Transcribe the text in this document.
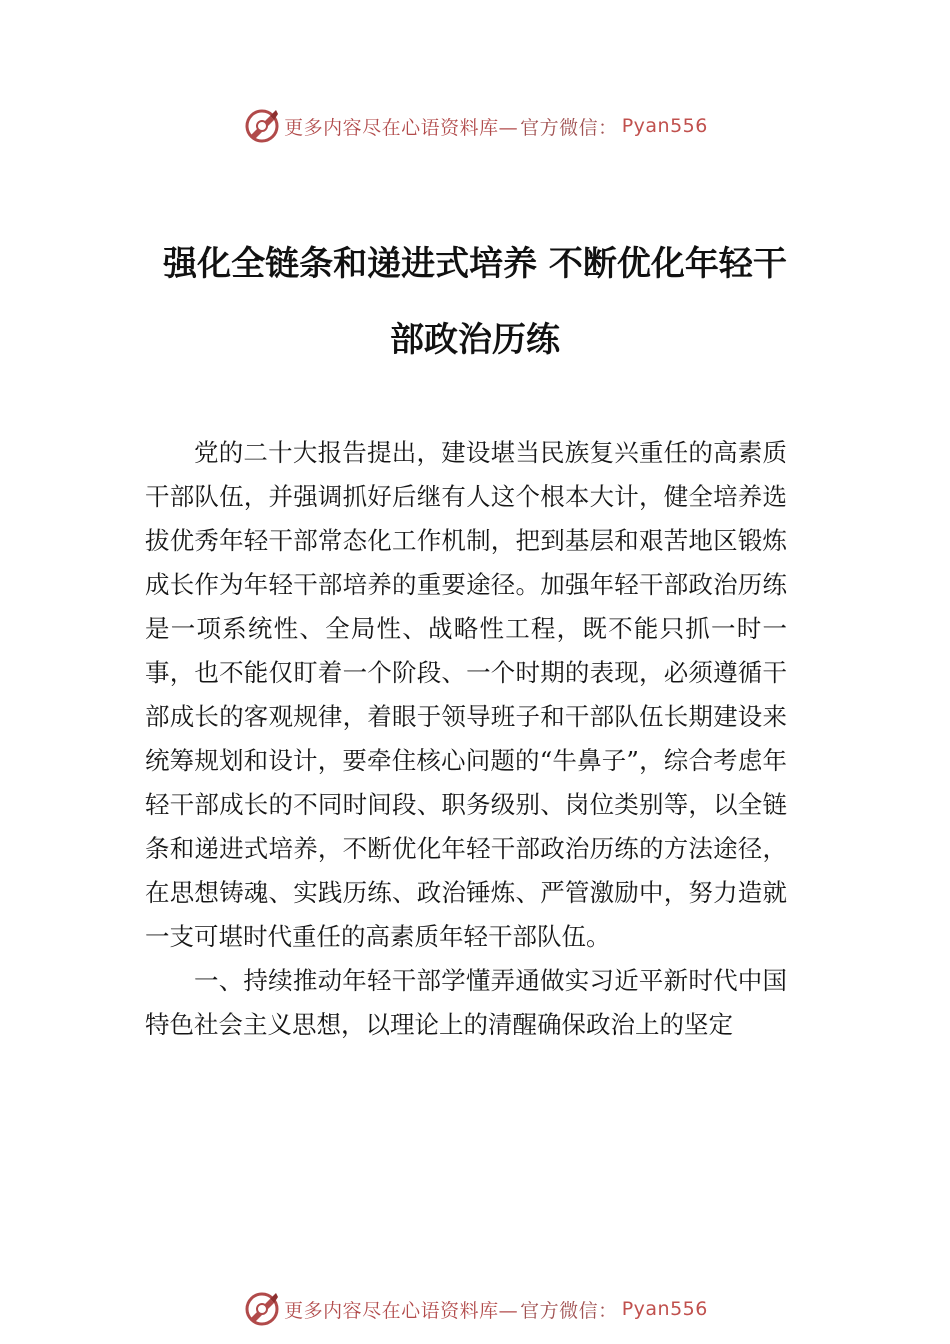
更多内容尽在心语资料库— 官方微信： Pyan556
强化全链条和递进式培养 不断优化年轻干
部政治历练

党的二十大报告提出，建设堪当民族复兴重任的高素质干部队伍，并强调抓好后继有人这个根本大计，健全培养选拔优秀年轻干部常态化工作机制，把到基层和艰苦地区锻炼成长作为年轻干部培养的重要途径。加强年轻干部政治历练是一项系统性、全局性、战略性工程，既不能只抓一时一事，也不能仅盯着一个阶段、一个时期的表现，必须遵循干部成长的客观规律，着眼于领导班子和干部队伍长期建设来统筹规划和设计，要牵住核心问题的“牛鼻子”，综合考虑年轻干部成长的不同时间段、职务级别、岗位类别等，以全链条和递进式培养，不断优化年轻干部政治历练的方法途径，在思想铸魂、实践历练、政治锤炼、严管激励中，努力造就一支可堪时代重任的高素质年轻干部队伍。

一、持续推动年轻干部学懂弄通做实习近平新时代中国特色社会主义思想，以理论上的清醒确保政治上的坚定

更多内容尽在心语资料库— 官方微信： Pyan556
